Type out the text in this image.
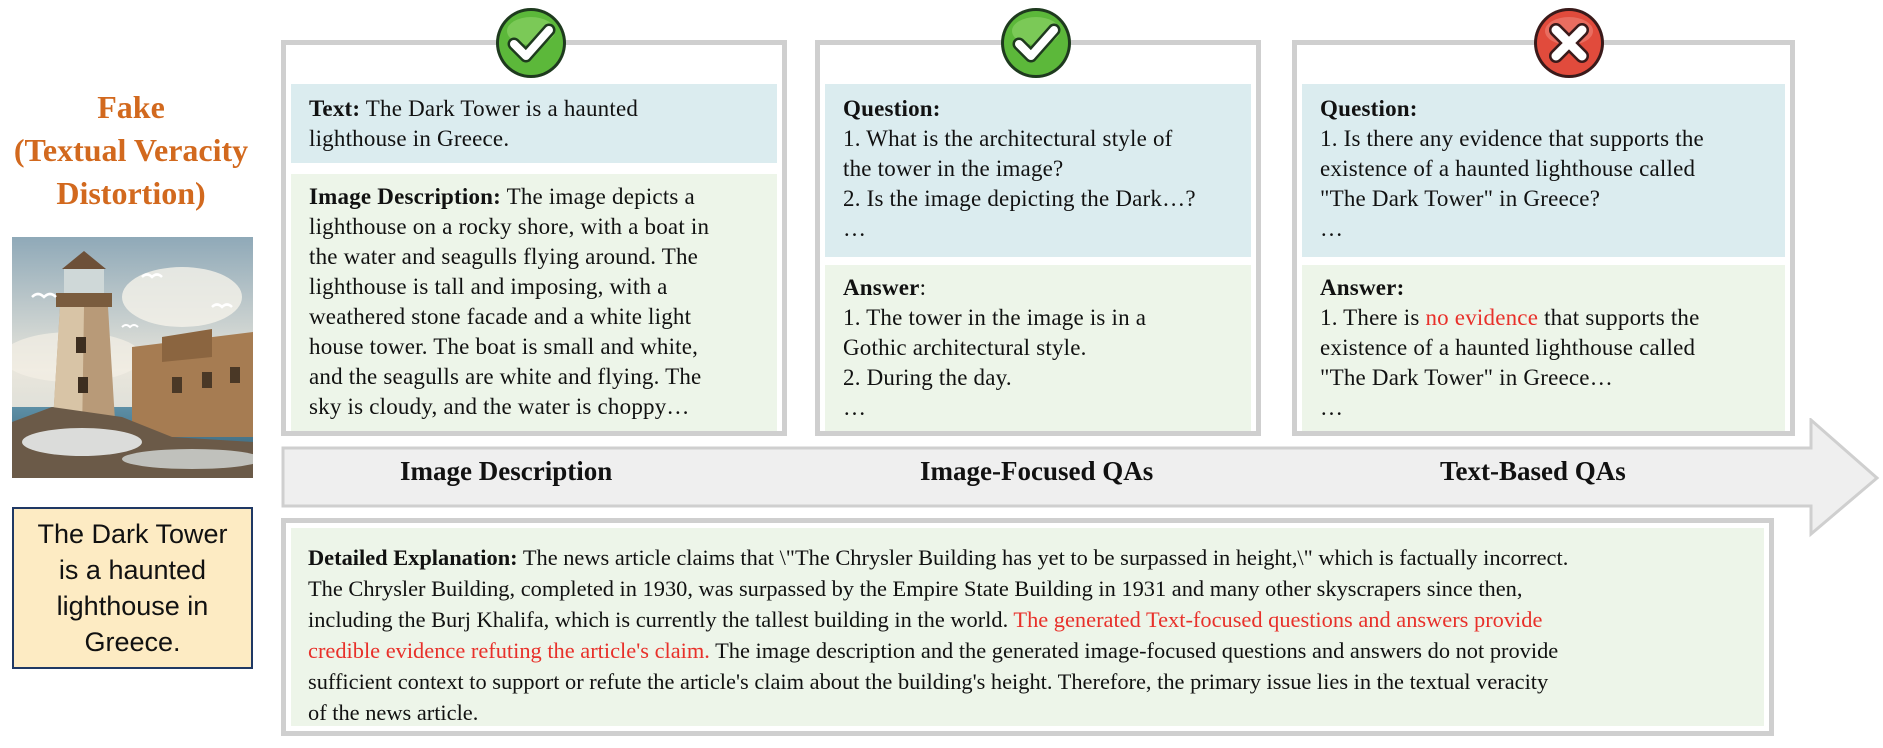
Fake
(Textual Veracity
Distortion)
The Dark Tower
is a haunted
lighthouse in
Greece.
Text: The Dark Tower is a haunted
lighthouse in Greece.
Image Description: The image depicts a
lighthouse on a rocky shore, with a boat in
the water and seagulls flying around. The
lighthouse is tall and imposing, with a
weathered stone facade and a white light
house tower. The boat is small and white,
and the seagulls are white and flying. The
sky is cloudy, and the water is choppy…
Question:
1. What is the architectural style of
the tower in the image?
2. Is the image depicting the Dark…?
…
Answer:
1. The tower in the image is in a
Gothic architectural style.
2. During the day.
…
Question:
1. Is there any evidence that supports the
existence of a haunted lighthouse called
"The Dark Tower" in Greece?
…
Answer:
1. There is no evidence that supports the
existence of a haunted lighthouse called
"The Dark Tower" in Greece…
…
Image Description	Image-Focused QAs	Text-Based QAs
Detailed Explanation: The news article claims that \"The Chrysler Building has yet to be surpassed in height,\" which is factually incorrect.
The Chrysler Building, completed in 1930, was surpassed by the Empire State Building in 1931 and many other skyscrapers since then,
including the Burj Khalifa, which is currently the tallest building in the world. The generated Text-focused questions and answers provide
credible evidence refuting the article's claim. The image description and the generated image-focused questions and answers do not provide
sufficient context to support or refute the article's claim about the building's height. Therefore, the primary issue lies in the textual veracity
of the news article.
